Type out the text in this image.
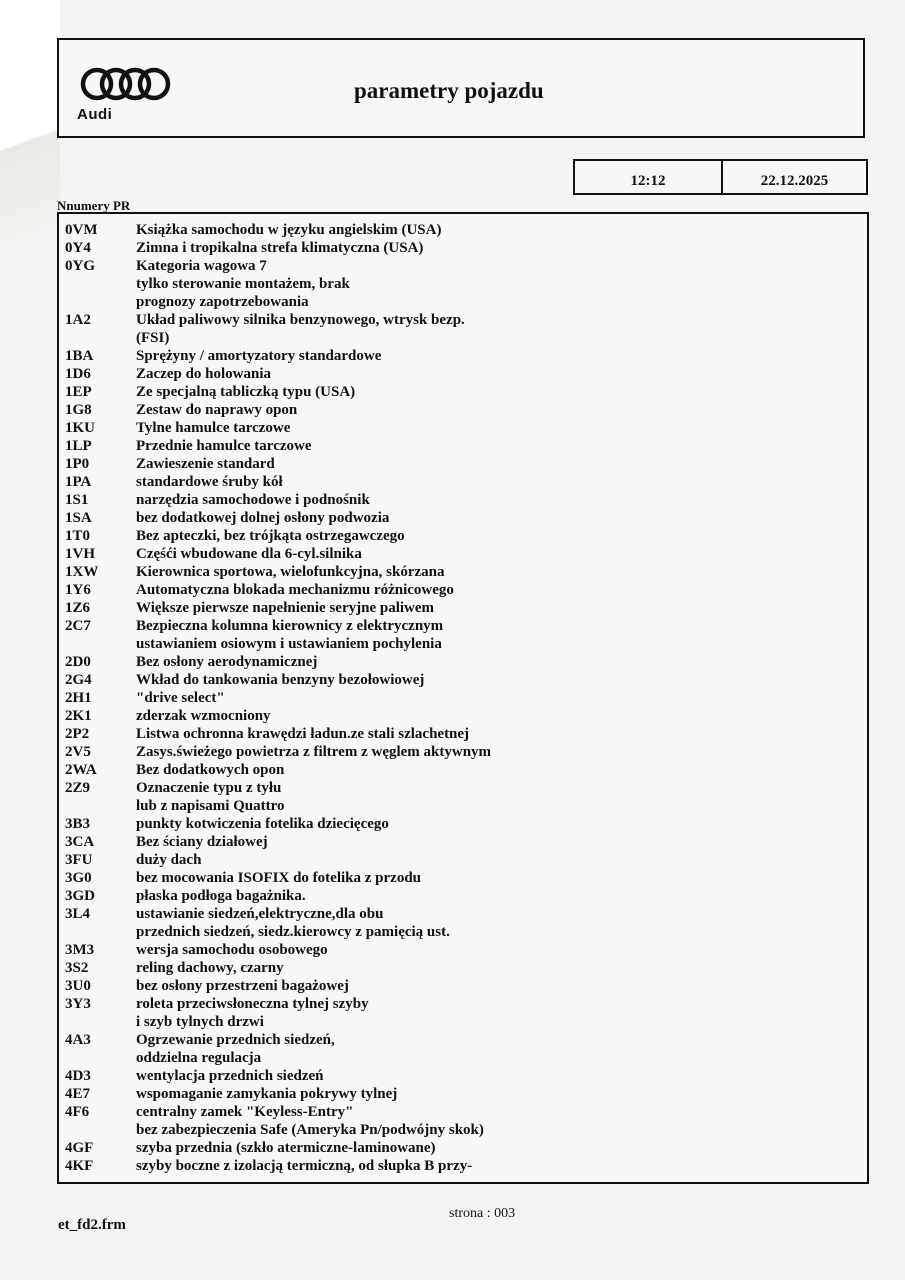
Audi
parametry pojazdu
12:12	22.12.2025
Nnumery PR
0VM	Książka samochodu w języku angielskim (USA)
0Y4	Zimna i tropikalna strefa klimatyczna (USA)
0YG	Kategoria wagowa 7
tylko sterowanie montażem, brak
prognozy zapotrzebowania
1A2	Układ paliwowy silnika benzynowego, wtrysk bezp.
(FSI)
1BA	Sprężyny / amortyzatory standardowe
1D6	Zaczep do holowania
1EP	Ze specjalną tabliczką typu (USA)
1G8	Zestaw do naprawy opon
1KU	Tylne hamulce tarczowe
1LP	Przednie hamulce tarczowe
1P0	Zawieszenie standard
1PA	standardowe śruby kół
1S1	narzędzia samochodowe i podnośnik
1SA	bez dodatkowej dolnej osłony podwozia
1T0	Bez apteczki, bez trójkąta ostrzegawczego
1VH	Częśći wbudowane dla 6-cyl.silnika
1XW	Kierownica sportowa, wielofunkcyjna, skórzana
1Y6	Automatyczna blokada mechanizmu różnicowego
1Z6	Większe pierwsze napełnienie seryjne paliwem
2C7	Bezpieczna kolumna kierownicy z elektrycznym
ustawianiem osiowym i ustawianiem pochylenia
2D0	Bez osłony aerodynamicznej
2G4	Wkład do tankowania benzyny bezołowiowej
2H1	"drive select"
2K1	zderzak wzmocniony
2P2	Listwa ochronna krawędzi ładun.ze stali szlachetnej
2V5	Zasys.świeżego powietrza z filtrem z węglem aktywnym
2WA	Bez dodatkowych opon
2Z9	Oznaczenie typu z tyłu
lub z napisami Quattro
3B3	punkty kotwiczenia fotelika dziecięcego
3CA	Bez ściany działowej
3FU	duży dach
3G0	bez mocowania ISOFIX do fotelika z przodu
3GD	płaska podłoga bagażnika.
3L4	ustawianie siedzeń,elektryczne,dla obu
przednich siedzeń, siedz.kierowcy z pamięcią ust.
3M3	wersja samochodu osobowego
3S2	reling dachowy, czarny
3U0	bez osłony przestrzeni bagażowej
3Y3	roleta przeciwsłoneczna tylnej szyby
i szyb tylnych drzwi
4A3	Ogrzewanie przednich siedzeń,
oddzielna regulacja
4D3	wentylacja przednich siedzeń
4E7	wspomaganie zamykania pokrywy tylnej
4F6	centralny zamek "Keyless-Entry"
bez zabezpieczenia Safe (Ameryka Pn/podwójny skok)
4GF	szyba przednia (szkło atermiczne-laminowane)
4KF	szyby boczne z izolacją termiczną, od słupka B przy-
et_fd2.frm
strona : 003
